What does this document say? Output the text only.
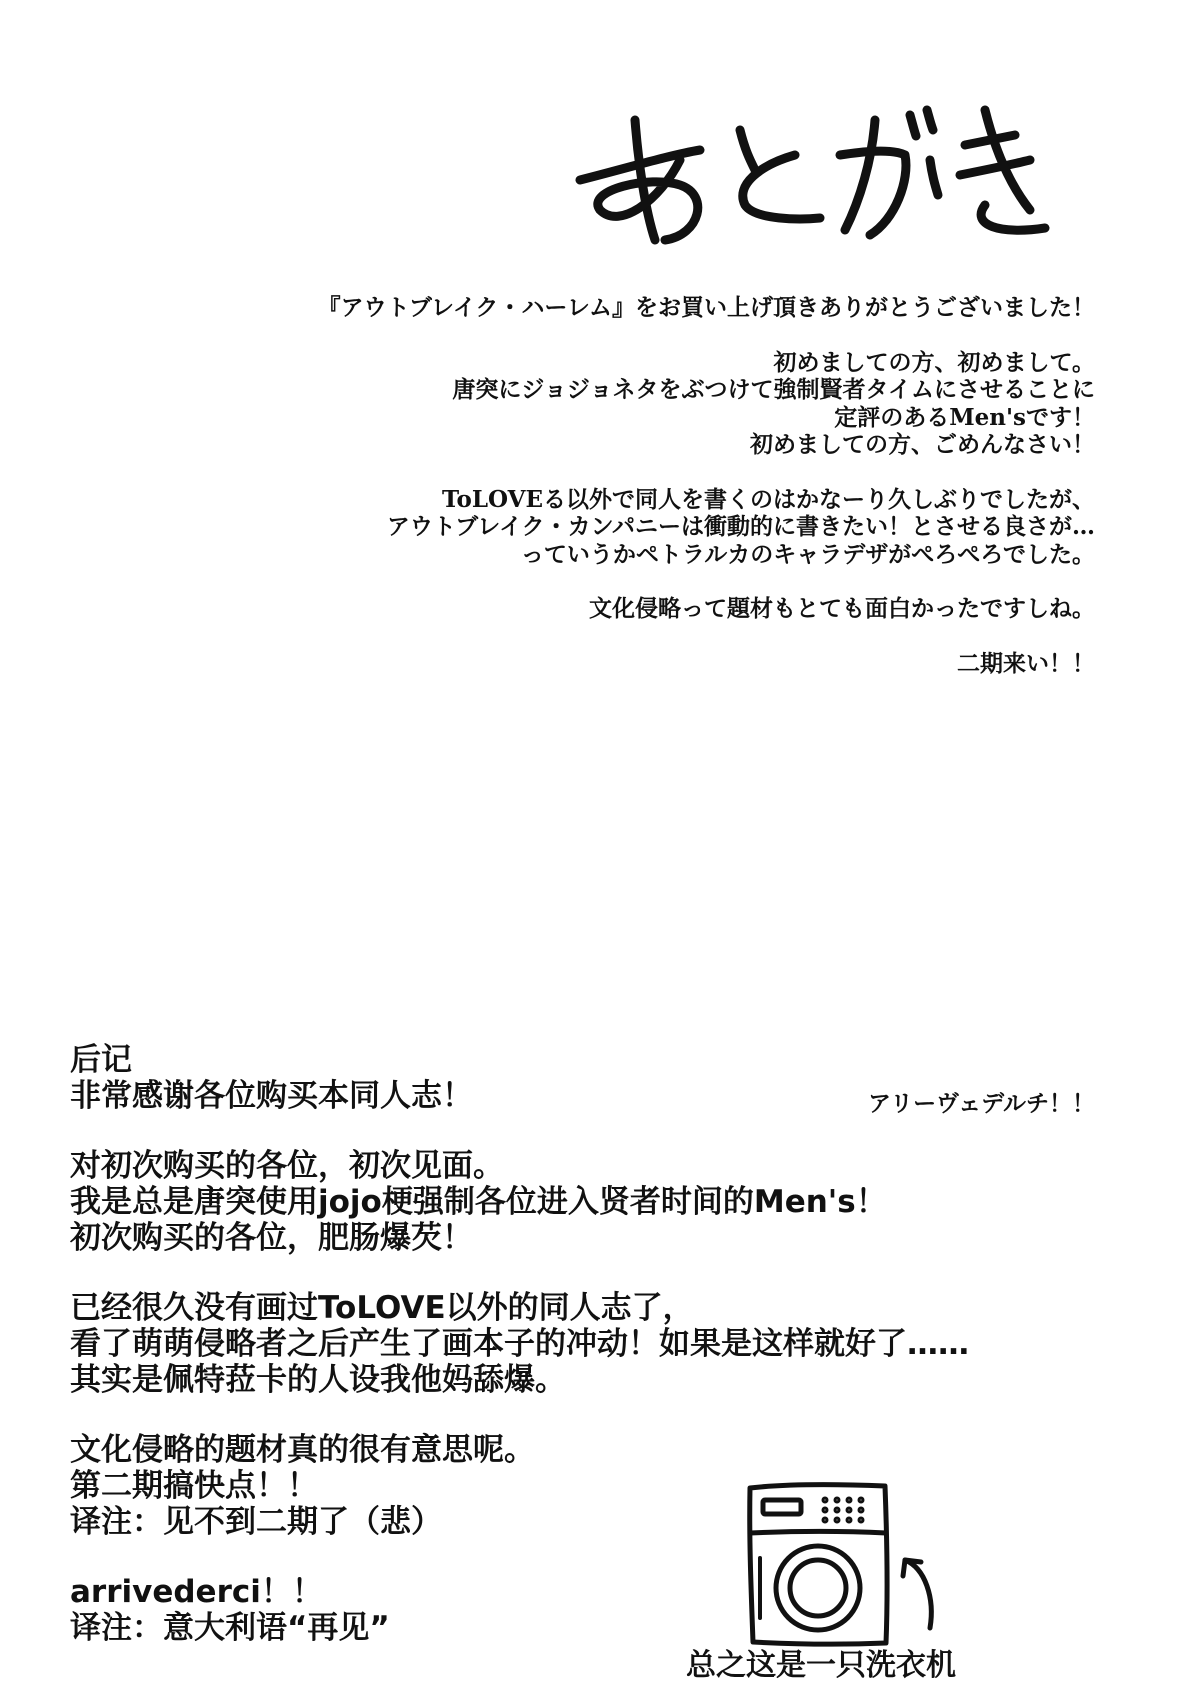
『アウトブレイク・ハーレム』をお買い上げ頂きありがとうございました！
初めましての方、初めまして。
唐突にジョジョネタをぶつけて強制賢者タイムにさせることに
定評のあるMen'sです！
初めましての方、ごめんなさい！
ToLOVEる以外で同人を書くのはかなーり久しぶりでしたが、
アウトブレイク・カンパニーは衝動的に書きたい！とさせる良さが…
っていうかペトラルカのキャラデザがぺろぺろでした。
文化侵略って題材もとても面白かったですしね。
二期来い！！
アリーヴェデルチ！！
后记
非常感谢各位购买本同人志！
对初次购买的各位，初次见面。
我是总是唐突使用jojo梗强制各位进入贤者时间的Men's！
初次购买的各位，肥肠爆芡！
已经很久没有画过ToLOVE以外的同人志了，
看了萌萌侵略者之后产生了画本子的冲动！如果是这样就好了……
其实是佩特菈卡的人设我他妈舔爆。
文化侵略的题材真的很有意思呢。
第二期搞快点！！
译注：见不到二期了（悲）
arrivederci！！
译注：意大利语“再见”
总之这是一只洗衣机
